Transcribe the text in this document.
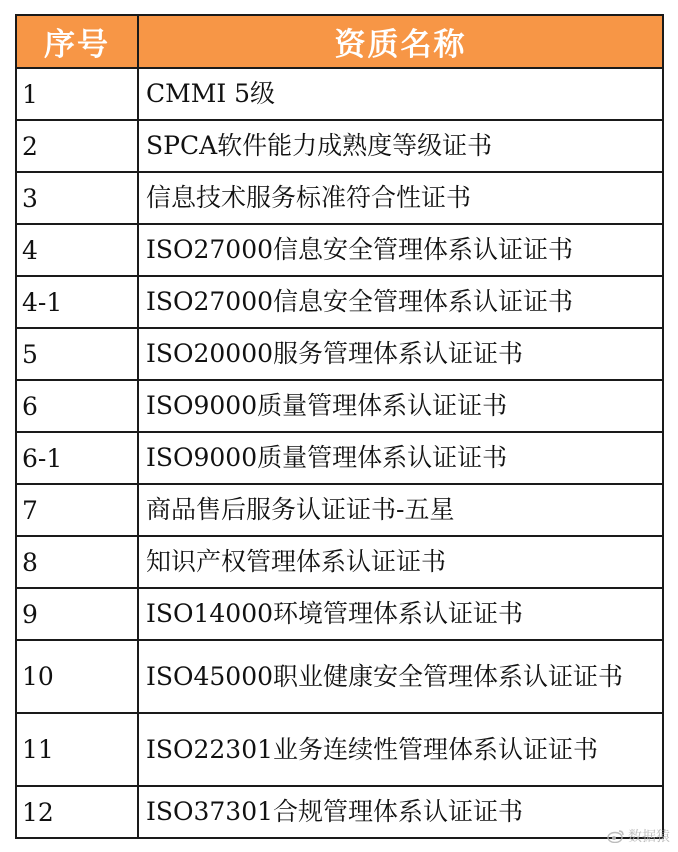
序号	资质名称
1	CMMI 5级
2	SPCA软件能力成熟度等级证书
3	信息技术服务标准符合性证书
4	ISO27000信息安全管理体系认证证书
4-1	ISO27000信息安全管理体系认证证书
5	ISO20000服务管理体系认证证书
6	ISO9000质量管理体系认证证书
6-1	ISO9000质量管理体系认证证书
7	商品售后服务认证证书-五星
8	知识产权管理体系认证证书
9	ISO14000环境管理体系认证证书
10	ISO45000职业健康安全管理体系认证证书
11	ISO22301业务连续性管理体系认证证书
12	ISO37301合规管理体系认证证书
数据猿
